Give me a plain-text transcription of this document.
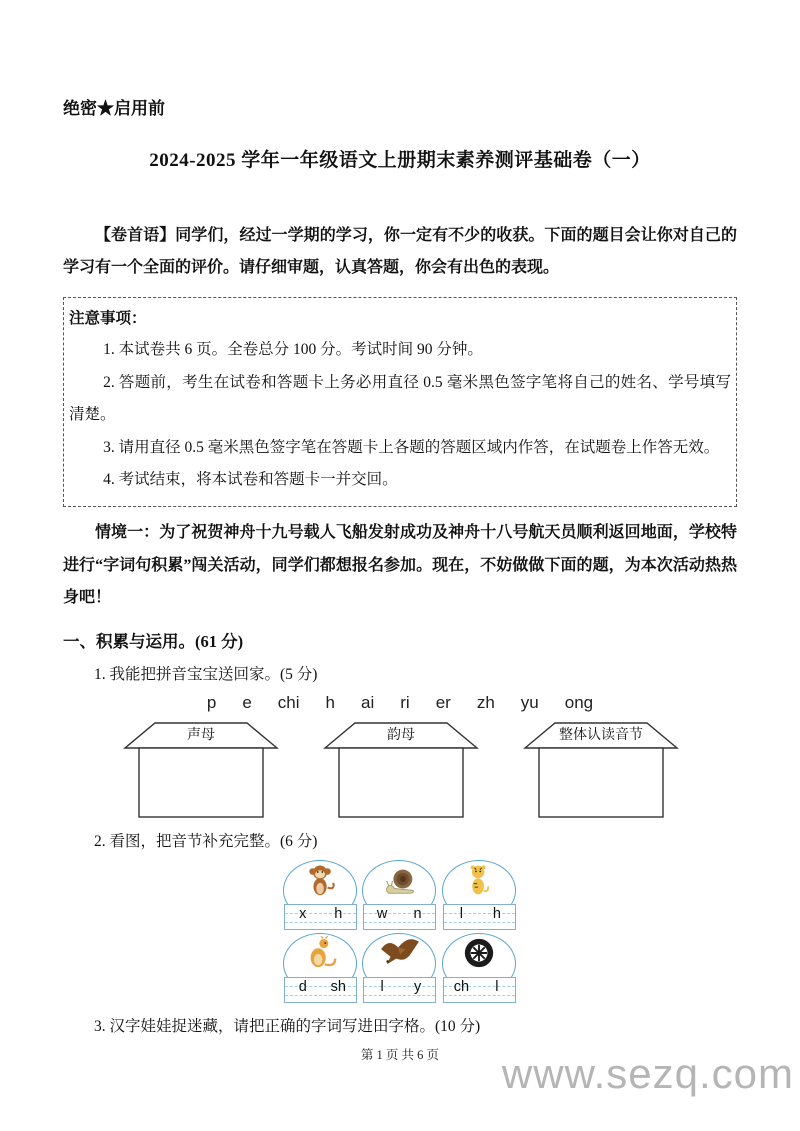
绝密★启用前
2024-2025 学年一年级语文上册期末素养测评基础卷（一）

【卷首语】同学们，经过一学期的学习，你一定有不少的收获。下面的题目会让你对自己的学习有一个全面的评价。请仔细审题，认真答题，你会有出色的表现。

注意事项：

1. 本试卷共 6 页。全卷总分 100 分。考试时间 90 分钟。

2. 答题前，考生在试卷和答题卡上务必用直径 0.5 毫米黑色签字笔将自己的姓名、学号填写清楚。

3. 请用直径 0.5 毫米黑色签字笔在答题卡上各题的答题区域内作答，在试题卷上作答无效。

4. 考试结束，将本试卷和答题卡一并交回。

情境一：为了祝贺神舟十九号载人飞船发射成功及神舟十八号航天员顺利返回地面，学校特进行“字词句积累”闯关活动，同学们都想报名参加。现在，不妨做做下面的题，为本次活动热热身吧！

一、积累与运用。(61 分)
1. 我能把拼音宝宝送回家。(5 分)
p e chi h ai ri er zh yu ong
声母	韵母	整体认读音节
2. 看图，把音节补充完整。(6 分)
x	h	w	n	l	h
d	sh	l	y	ch	l
3. 汉字娃娃捉迷藏，请把正确的字词写进田字格。(10 分)
第 1 页 共 6 页	www.sezq.com
